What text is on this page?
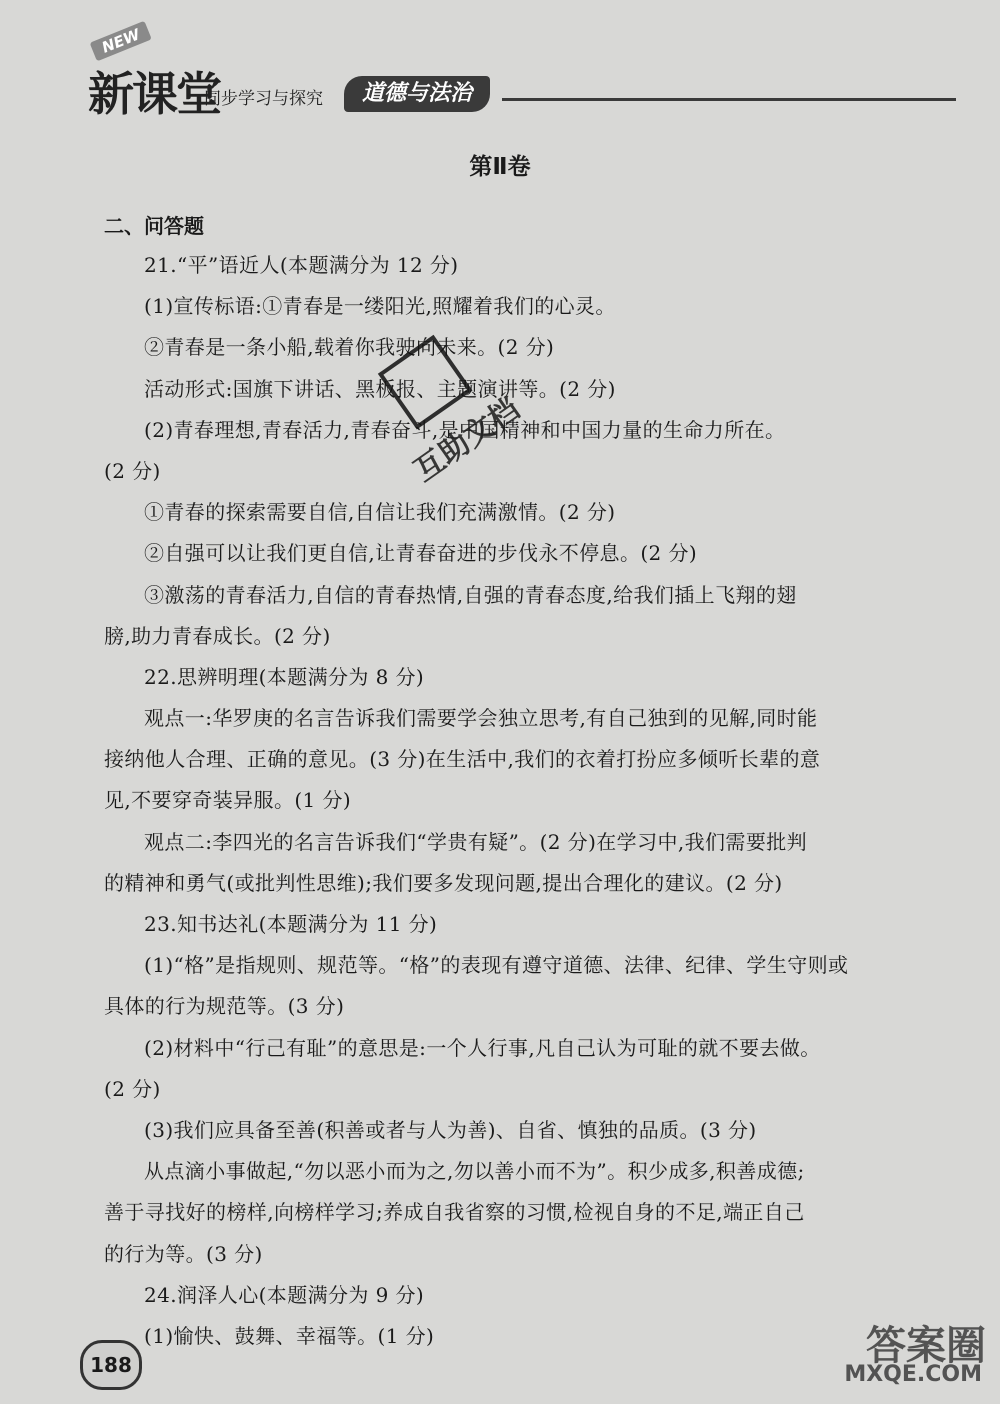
NEW
新课堂
同步学习与探究	道德与法治
第Ⅱ卷
二、问答题
21.“平”语近人(本题满分为 12 分)
(1)宣传标语:①青春是一缕阳光,照耀着我们的心灵。
②青春是一条小船,载着你我驶向未来。(2 分)
活动形式:国旗下讲话、黑板报、主题演讲等。(2 分)
(2)青春理想,青春活力,青春奋斗,是中国精神和中国力量的生命力所在。
(2 分)
①青春的探索需要自信,自信让我们充满激情。(2 分)
②自强可以让我们更自信,让青春奋进的步伐永不停息。(2 分)
③激荡的青春活力,自信的青春热情,自强的青春态度,给我们插上飞翔的翅
膀,助力青春成长。(2 分)
22.思辨明理(本题满分为 8 分)
观点一:华罗庚的名言告诉我们需要学会独立思考,有自己独到的见解,同时能
接纳他人合理、正确的意见。(3 分)在生活中,我们的衣着打扮应多倾听长辈的意
见,不要穿奇装异服。(1 分)
观点二:李四光的名言告诉我们“学贵有疑”。(2 分)在学习中,我们需要批判
的精神和勇气(或批判性思维);我们要多发现问题,提出合理化的建议。(2 分)
23.知书达礼(本题满分为 11 分)
(1)“格”是指规则、规范等。“格”的表现有遵守道德、法律、纪律、学生守则或
具体的行为规范等。(3 分)
(2)材料中“行己有耻”的意思是:一个人行事,凡自己认为可耻的就不要去做。
(2 分)
(3)我们应具备至善(积善或者与人为善)、自省、慎独的品质。(3 分)
从点滴小事做起,“勿以恶小而为之,勿以善小而不为”。积少成多,积善成德;
善于寻找好的榜样,向榜样学习;养成自我省察的习惯,检视自身的不足,端正自己
的行为等。(3 分)
24.润泽人心(本题满分为 9 分)
(1)愉快、鼓舞、幸福等。(1 分)
互助文档
188	答案圈
MXQE.COM
